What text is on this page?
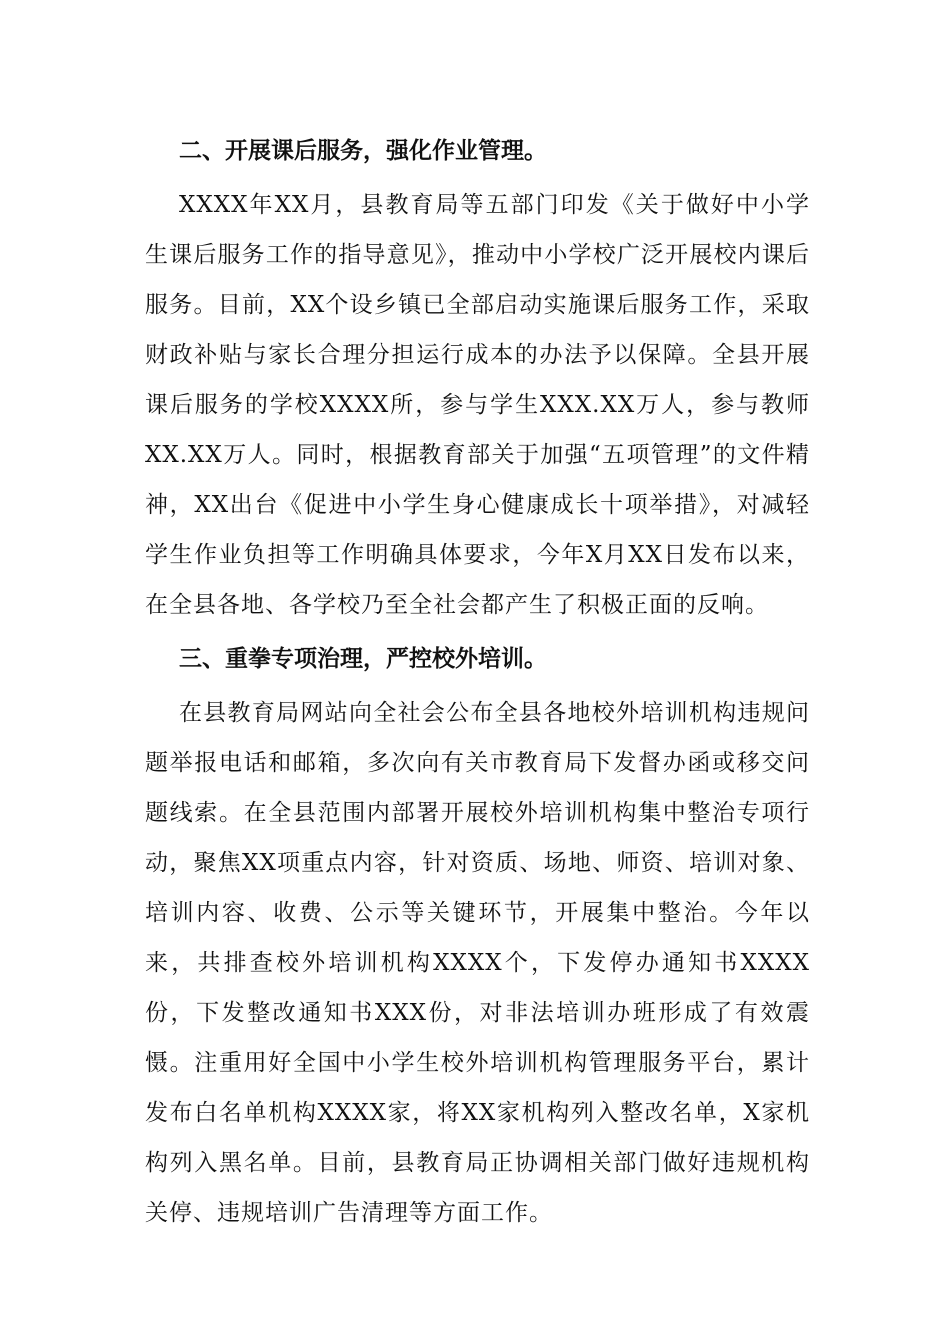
二、开展课后服务，强化作业管理。

XXXX年XX月，县教育局等五部门印发《关于做好中小学生课后服务工作的指导意见》，推动中小学校广泛开展校内课后服务。目前，XX个设乡镇已全部启动实施课后服务工作，采取财政补贴与家长合理分担运行成本的办法予以保障。全县开展课后服务的学校XXXX所，参与学生XXX.XX万人，参与教师XX.XX万人。同时，根据教育部关于加强“五项管理”的文件精神，XX出台《促进中小学生身心健康成长十项举措》，对减轻学生作业负担等工作明确具体要求，今年X月XX日发布以来，在全县各地、各学校乃至全社会都产生了积极正面的反响。

三、重拳专项治理，严控校外培训。

在县教育局网站向全社会公布全县各地校外培训机构违规问题举报电话和邮箱，多次向有关市教育局下发督办函或移交问题线索。在全县范围内部署开展校外培训机构集中整治专项行动，聚焦XX项重点内容，针对资质、场地、师资、培训对象、培训内容、收费、公示等关键环节，开展集中整治。今年以来，共排查校外培训机构XXXX个，下发停办通知书XXXX份，下发整改通知书XXX份，对非法培训办班形成了有效震慑。注重用好全国中小学生校外培训机构管理服务平台，累计发布白名单机构XXXX家，将XX家机构列入整改名单，X家机构列入黑名单。目前，县教育局正协调相关部门做好违规机构关停、违规培训广告清理等方面工作。
